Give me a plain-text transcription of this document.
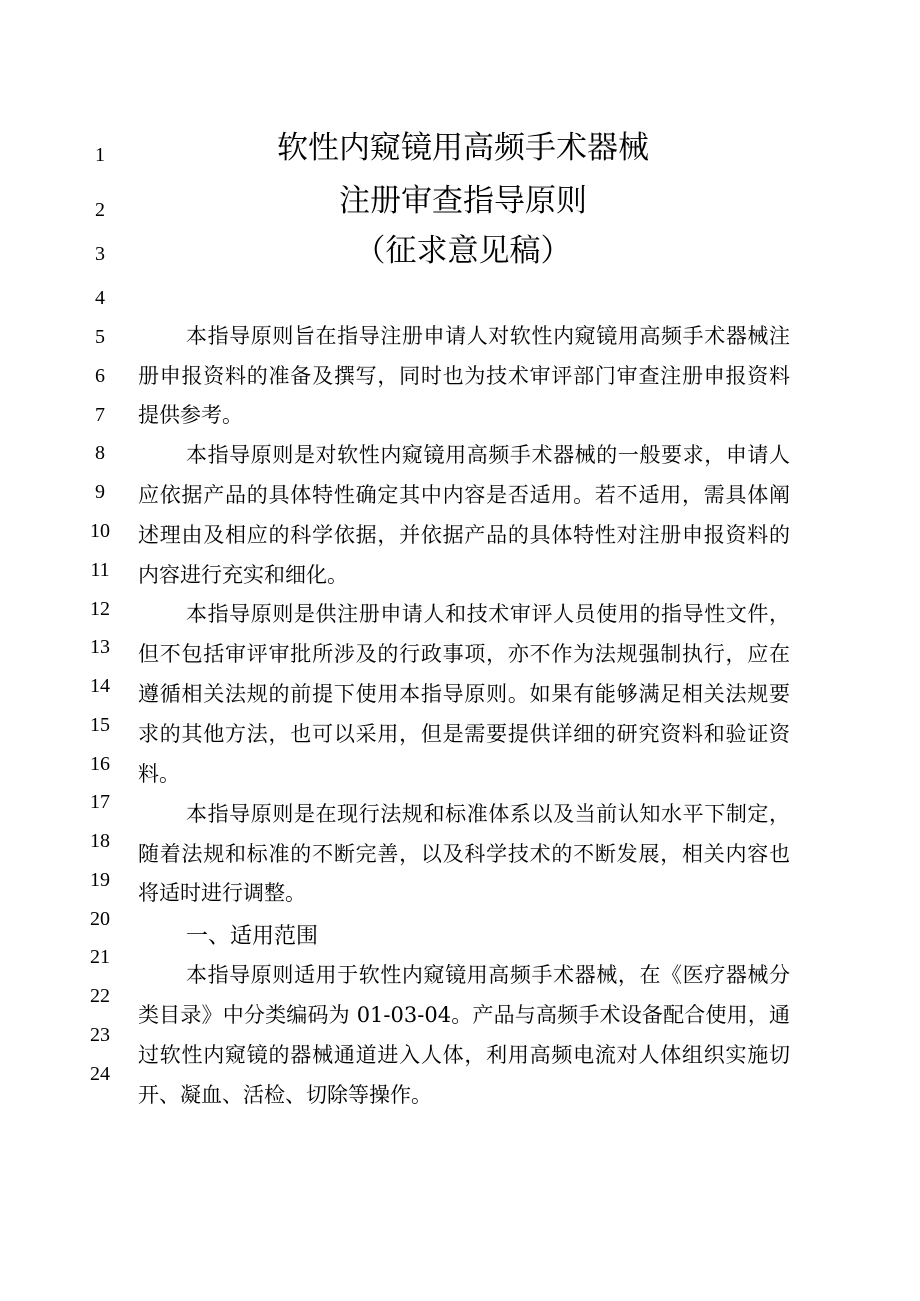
1
2
3
4
5
6
7
8
9
10
11
12
13
14
15
16
17
18
19
20
21
22
23
24
软性内窥镜用高频手术器械
注册审查指导原则
（征求意见稿）
本指导原则旨在指导注册申请人对软性内窥镜用高频手术器械注
册申报资料的准备及撰写，同时也为技术审评部门审查注册申报资料
提供参考。
本指导原则是对软性内窥镜用高频手术器械的一般要求，申请人
应依据产品的具体特性确定其中内容是否适用。若不适用，需具体阐
述理由及相应的科学依据，并依据产品的具体特性对注册申报资料的
内容进行充实和细化。
本指导原则是供注册申请人和技术审评人员使用的指导性文件，
但不包括审评审批所涉及的行政事项，亦不作为法规强制执行，应在
遵循相关法规的前提下使用本指导原则。如果有能够满足相关法规要
求的其他方法，也可以采用，但是需要提供详细的研究资料和验证资
料。
本指导原则是在现行法规和标准体系以及当前认知水平下制定，
随着法规和标准的不断完善，以及科学技术的不断发展，相关内容也
将适时进行调整。
一、适用范围
本指导原则适用于软性内窥镜用高频手术器械，在《医疗器械分
类目录》中分类编码为 01-03-04。产品与高频手术设备配合使用，通
过软性内窥镜的器械通道进入人体，利用高频电流对人体组织实施切
开、凝血、活检、切除等操作。
